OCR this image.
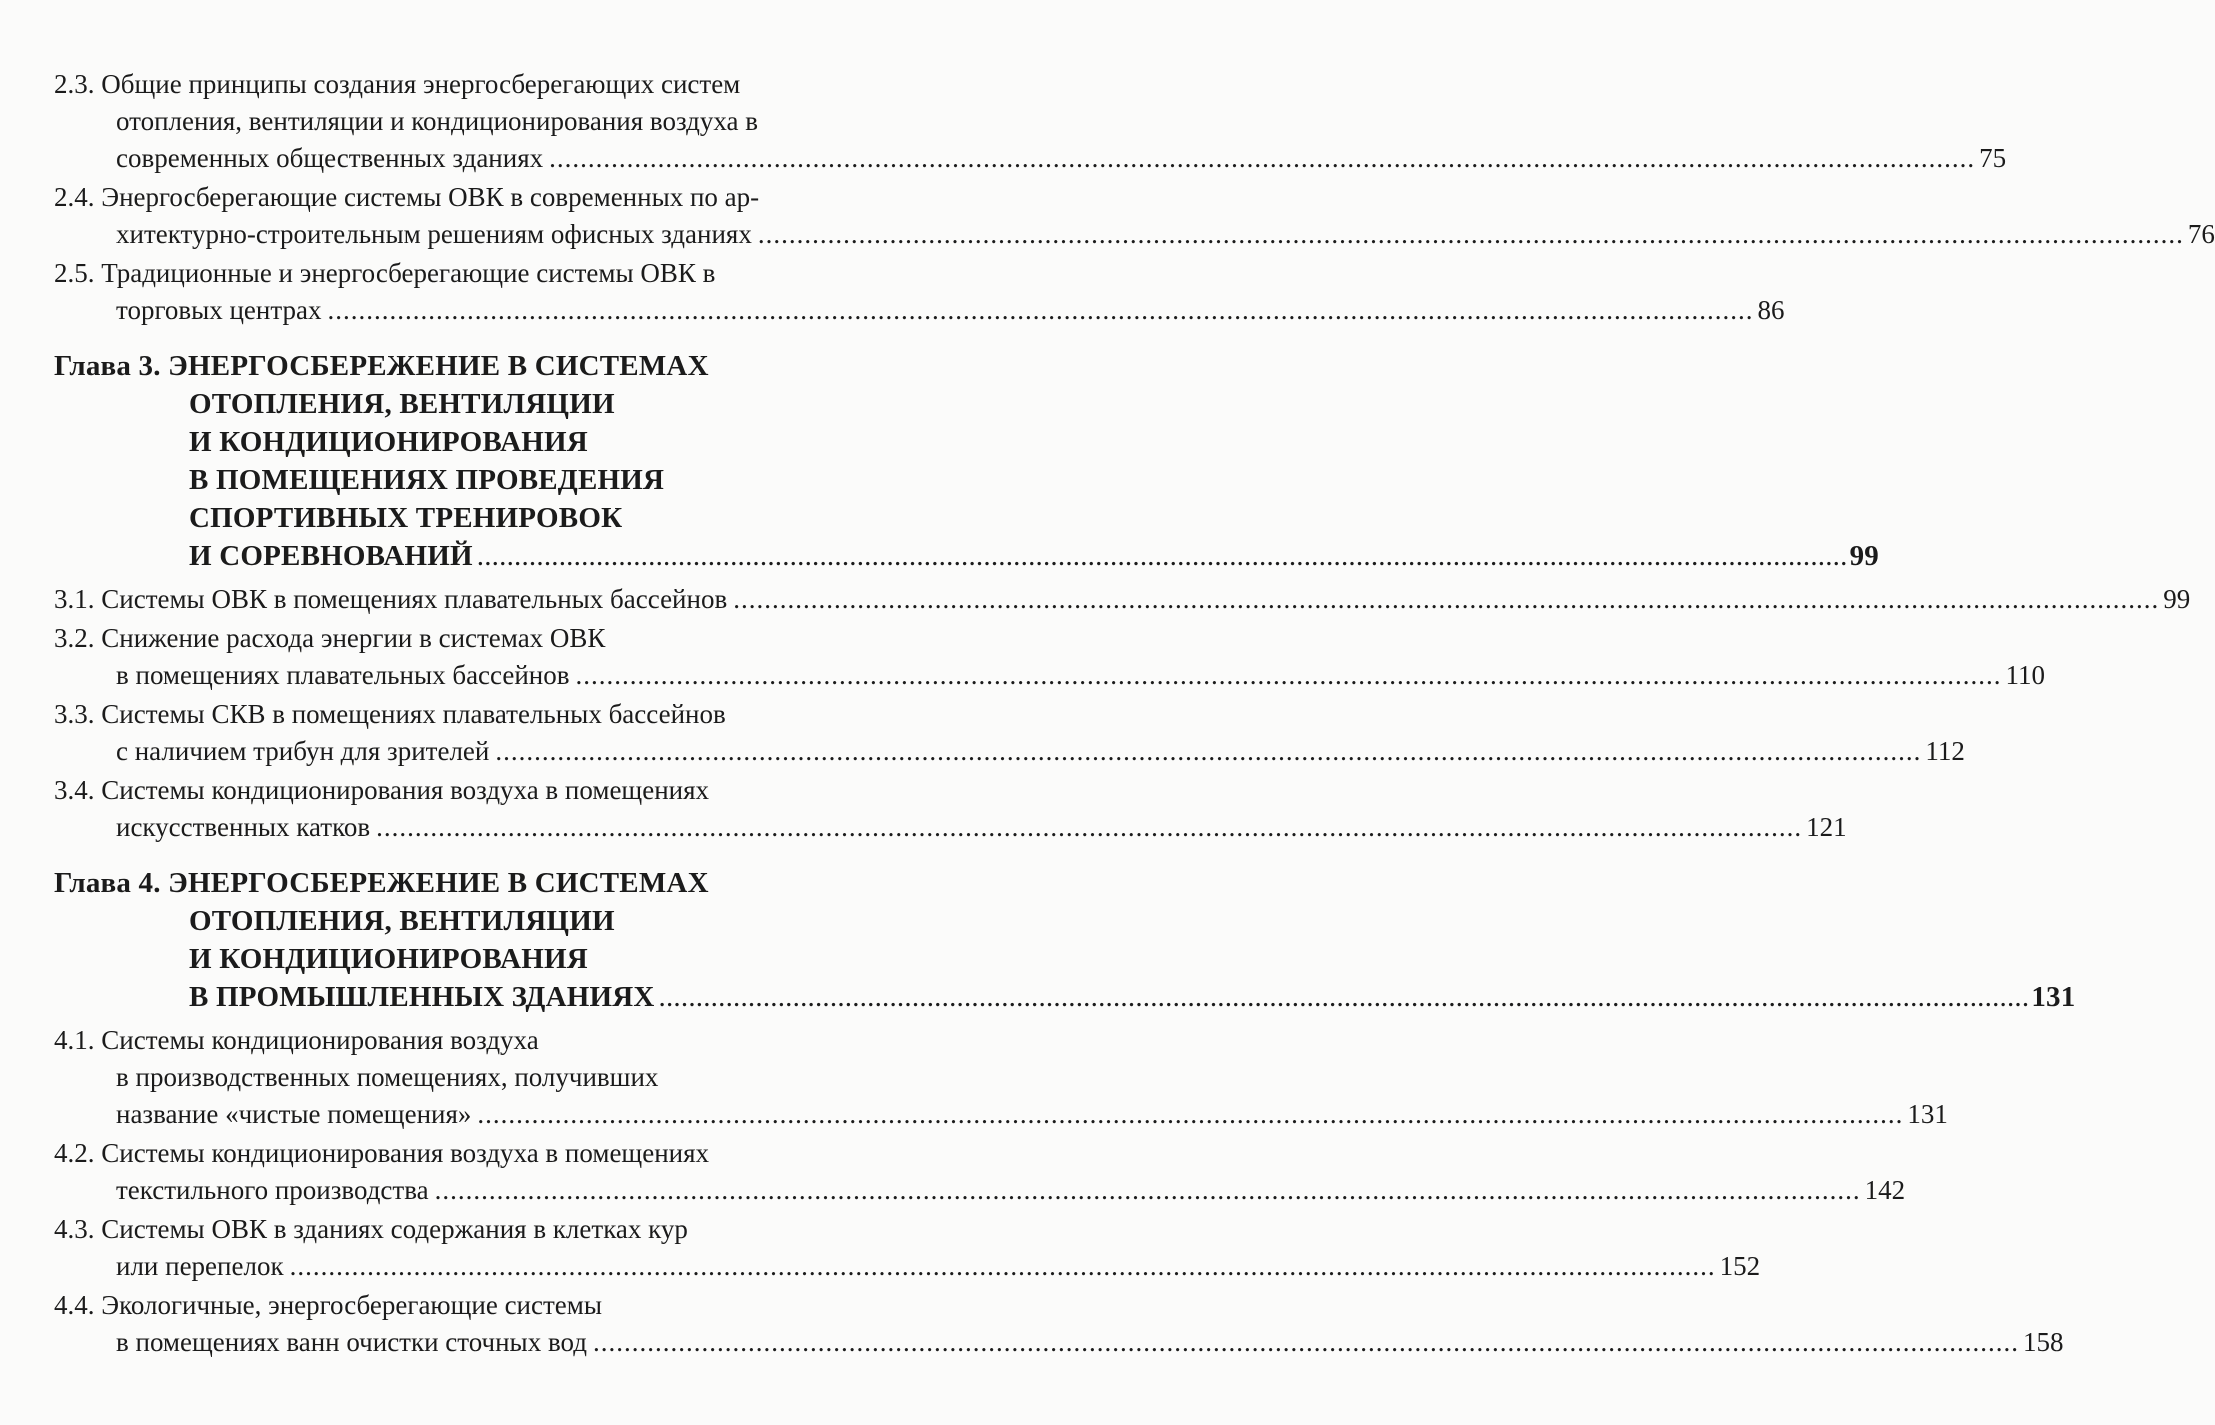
2.3. Общие принципы создания энергосберегающих систем
отопления, вентиляции и кондиционирования воздуха в
современных общественных зданиях ........................................................................................................................................................................................ 75
2.4. Энергосберегающие системы ОВК в современных по ар-
хитектурно-строительным решениям офисных зданиях ........................................................................................................................................................................................ 76
2.5. Традиционные и энергосберегающие системы ОВК в
торговых центрах ........................................................................................................................................................................................ 86
Глава 3. ЭНЕРГОСБЕРЕЖЕНИЕ В СИСТЕМАХ
ОТОПЛЕНИЯ, ВЕНТИЛЯЦИИ
И КОНДИЦИОНИРОВАНИЯ
В ПОМЕЩЕНИЯХ ПРОВЕДЕНИЯ
СПОРТИВНЫХ ТРЕНИРОВОК
И СОРЕВНОВАНИЙ ........................................................................................................................................................................................ 99
3.1. Системы ОВК в помещениях плавательных бассейнов ........................................................................................................................................................................................ 99
3.2. Снижение расхода энергии в системах ОВК
в помещениях плавательных бассейнов ........................................................................................................................................................................................ 110
3.3. Системы СКВ в помещениях плавательных бассейнов
с наличием трибун для зрителей ........................................................................................................................................................................................ 112
3.4. Системы кондиционирования воздуха в помещениях
искусственных катков ........................................................................................................................................................................................ 121
Глава 4. ЭНЕРГОСБЕРЕЖЕНИЕ В СИСТЕМАХ
ОТОПЛЕНИЯ, ВЕНТИЛЯЦИИ
И КОНДИЦИОНИРОВАНИЯ
В ПРОМЫШЛЕННЫХ ЗДАНИЯХ ........................................................................................................................................................................................ 131
4.1. Системы кондиционирования воздуха
в производственных помещениях, получивших
название «чистые помещения» ........................................................................................................................................................................................ 131
4.2. Системы кондиционирования воздуха в помещениях
текстильного производства ........................................................................................................................................................................................ 142
4.3. Системы ОВК в зданиях содержания в клетках кур
или перепелок ........................................................................................................................................................................................ 152
4.4. Экологичные, энергосберегающие системы
в помещениях ванн очистки сточных вод ........................................................................................................................................................................................ 158
